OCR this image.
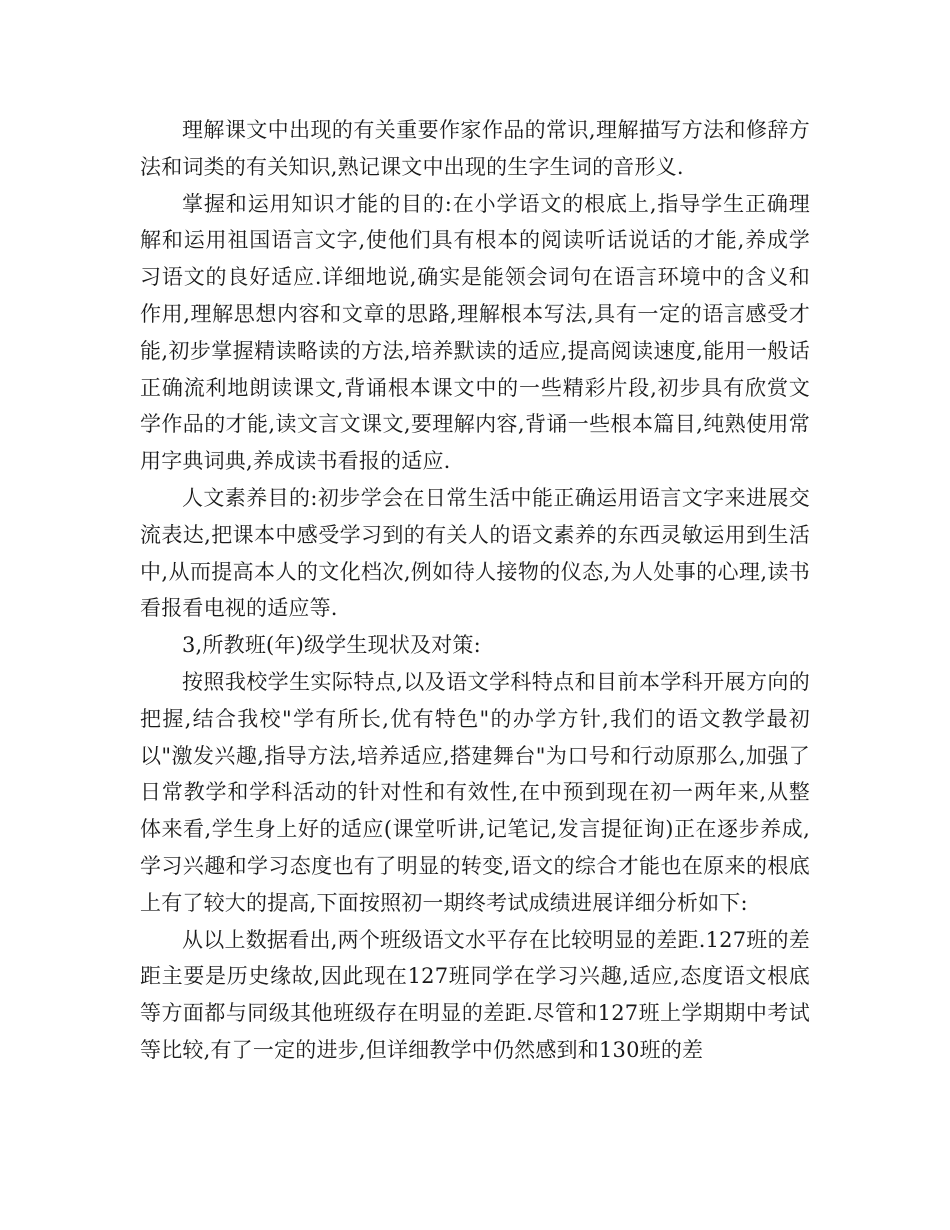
理解课文中出现的有关重要作家作品的常识,理解描写方法和修辞方法和词类的有关知识,熟记课文中出现的生字生词的音形义.

掌握和运用知识才能的目的:在小学语文的根底上,指导学生正确理解和运用祖国语言文字,使他们具有根本的阅读听话说话的才能,养成学习语文的良好适应.详细地说,确实是能领会词句在语言环境中的含义和作用,理解思想内容和文章的思路,理解根本写法,具有一定的语言感受才能,初步掌握精读略读的方法,培养默读的适应,提高阅读速度,能用一般话正确流利地朗读课文,背诵根本课文中的一些精彩片段,初步具有欣赏文学作品的才能,读文言文课文,要理解内容,背诵一些根本篇目,纯熟使用常用字典词典,养成读书看报的适应.

人文素养目的:初步学会在日常生活中能正确运用语言文字来进展交流表达,把课本中感受学习到的有关人的语文素养的东西灵敏运用到生活中,从而提高本人的文化档次,例如待人接物的仪态,为人处事的心理,读书看报看电视的适应等.

3,所教班(年)级学生现状及对策:

按照我校学生实际特点,以及语文学科特点和目前本学科开展方向的把握,结合我校"学有所长,优有特色"的办学方针,我们的语文教学最初以"激发兴趣,指导方法,培养适应,搭建舞台"为口号和行动原那么,加强了日常教学和学科活动的针对性和有效性,在中预到现在初一两年来,从整体来看,学生身上好的适应(课堂听讲,记笔记,发言提征询)正在逐步养成,学习兴趣和学习态度也有了明显的转变,语文的综合才能也在原来的根底上有了较大的提高,下面按照初一期终考试成绩进展详细分析如下:

从以上数据看出,两个班级语文水平存在比较明显的差距.127班的差距主要是历史缘故,因此现在127班同学在学习兴趣,适应,态度语文根底等方面都与同级其他班级存在明显的差距.尽管和127班上学期期中考试等比较,有了一定的进步,但详细教学中仍然感到和130班的差
